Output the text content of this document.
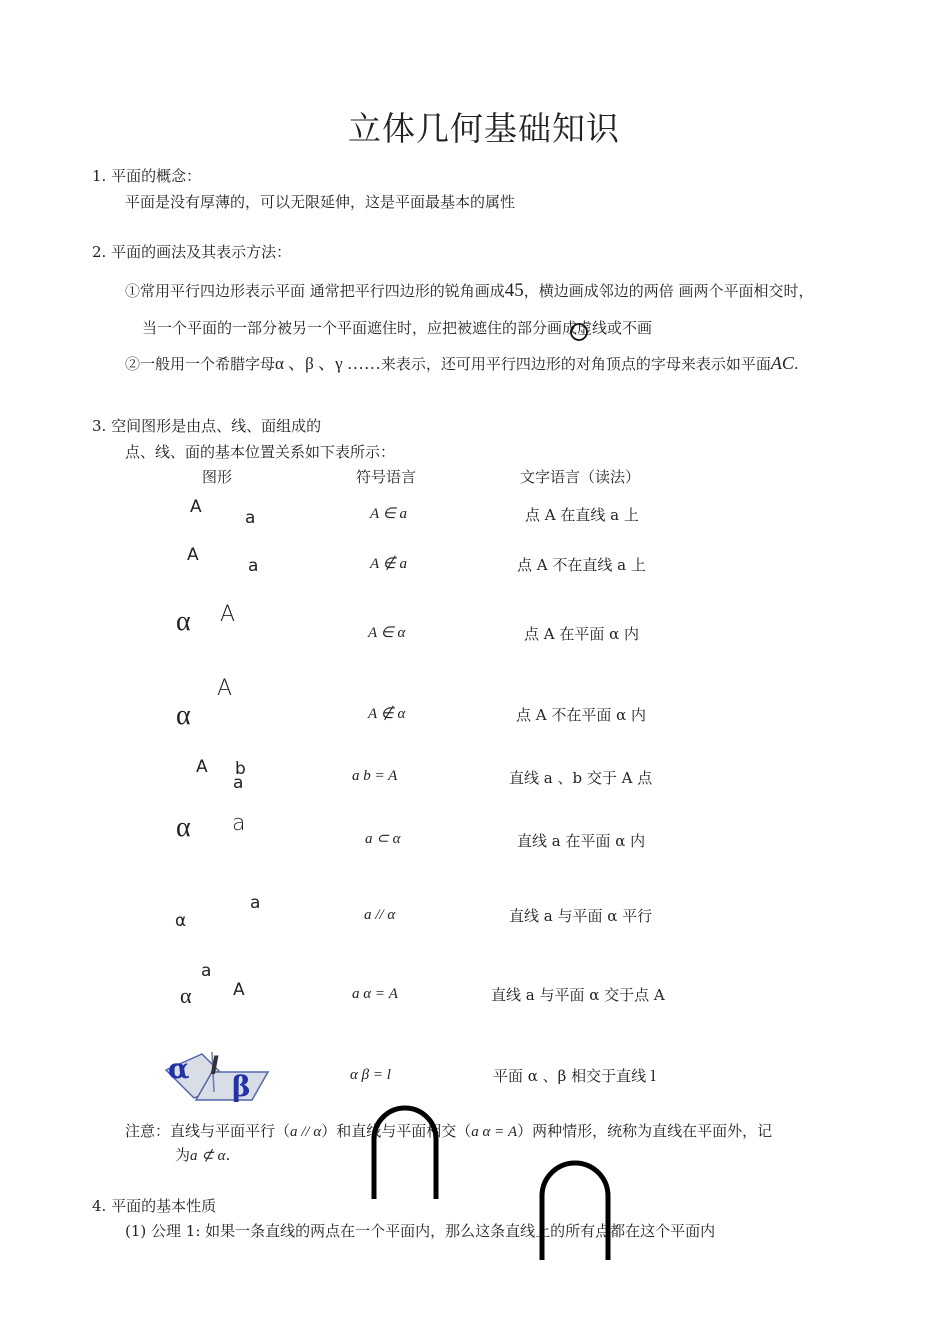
立体几何基础知识
1. 平面的概念：
平面是没有厚薄的，可以无限延伸，这是平面最基本的属性
2. 平面的画法及其表示方法：
①常用平行四边形表示平面 通常把平行四边形的锐角画成45，横边画成邻边的两倍 画两个平面相交时，
当一个平面的一部分被另一个平面遮住时，应把被遮住的部分画成虚线或不画
②一般用一个希腊字母α 、β 、γ ……来表示，还可用平行四边形的对角顶点的字母来表示如平面AC.
3. 空间图形是由点、线、面组成的
点、线、面的基本位置关系如下表所示：
图形	符号语言	文字语言（读法）
A
a	A ∈ a	点 A 在直线 a 上
A
a	A ∉ a	点 A 不在直线 a 上
α A
A ∈ α	点 A 在平面 α 内
α
A
A ∉ α	点 A 不在平面 α 内
A b
a	a b = A	直线 a 、b 交于 A 点
α a
a ⊂ α	直线 a 在平面 α 内
α
a
a // α	直线 a 与平面 α 平行
α
a
A	a α = A	直线 a 与平面 α 交于点 A
α l
β	α β = l	平面 α 、β 相交于直线 l
注意：直线与平面平行（a // α）和直线与平面相交（a α = A）两种情形，统称为直线在平面外，记
为a ⊄ α.
4. 平面的基本性质
(1) 公理 1: 如果一条直线的两点在一个平面内，那么这条直线上的所有点都在这个平面内
